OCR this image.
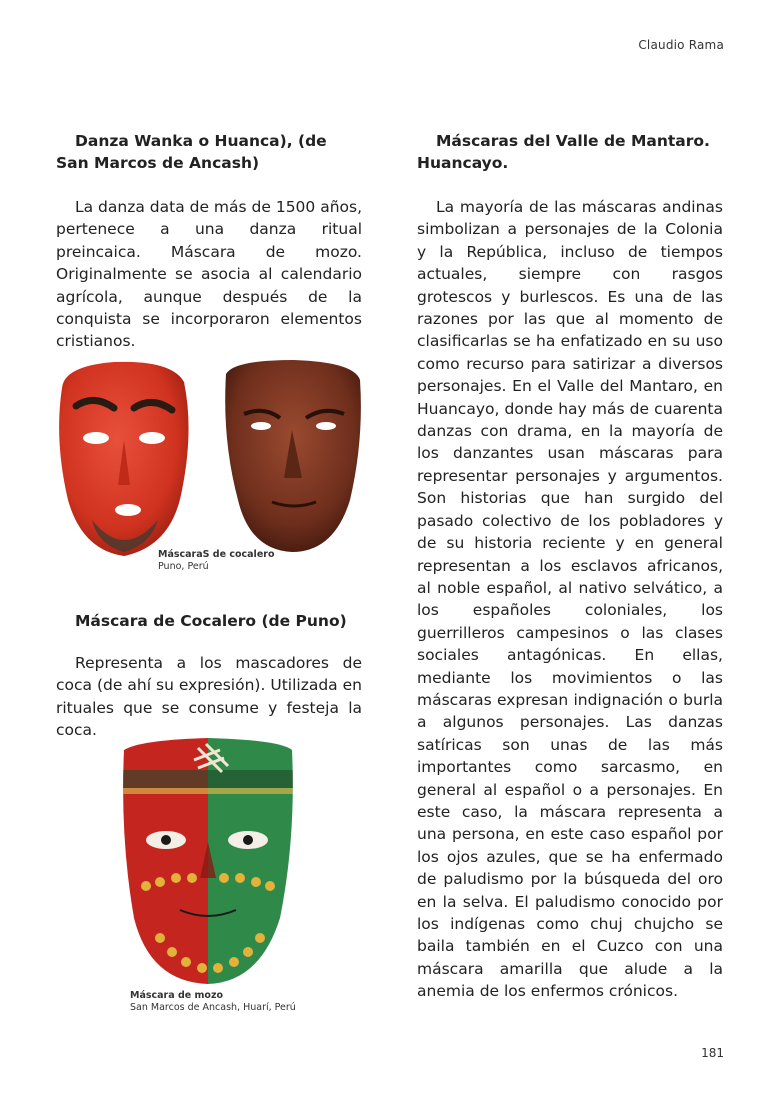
Claudio Rama
Danza Wanka o Huanca), (de San Marcos de Ancash)

La danza data de más de 1500 años, pertenece a una danza ritual preincaica. Máscara de mozo. Originalmente se asocia al calendario agrícola, aunque después de la conquista se incorporaron elementos cristianos.

MáscaraS de cocalero
Puno, Perú
Máscara de Cocalero (de Puno)

Representa a los mascadores de coca (de ahí su expresión). Utilizada en rituales que se consume y festeja la coca.

Máscara de mozo
San Marcos de Ancash, Huarí, Perú
Máscaras del Valle de Mantaro. Huancayo.

La mayoría de las máscaras andinas simbolizan a personajes de la Colonia y la República, incluso de tiempos actuales, siempre con rasgos grotescos y burlescos. Es una de las razones por las que al momento de clasificarlas se ha enfatizado en su uso como recurso para satirizar a diversos personajes. En el Valle del Mantaro, en Huancayo, donde hay más de cuarenta danzas con drama, en la mayoría de los danzantes usan máscaras para representar personajes y argumentos. Son historias que han surgido del pasado colectivo de los pobladores y de su historia reciente y en general representan a los esclavos africanos, al noble español, al nativo selvático, a los españoles coloniales, los guerrilleros campesinos o las clases sociales antagónicas. En ellas, mediante los movimientos o las máscaras expresan indignación o burla a algunos personajes. Las danzas satíricas son unas de las más importantes como sarcasmo, en general al español o a personajes. En este caso, la máscara representa a una persona, en este caso español por los ojos azules, que se ha enfermado de paludismo por la búsqueda del oro en la selva. El paludismo conocido por los indígenas como chuj chujcho se baila también en el Cuzco con una máscara amarilla que alude a la anemia de los enfermos crónicos.

181
